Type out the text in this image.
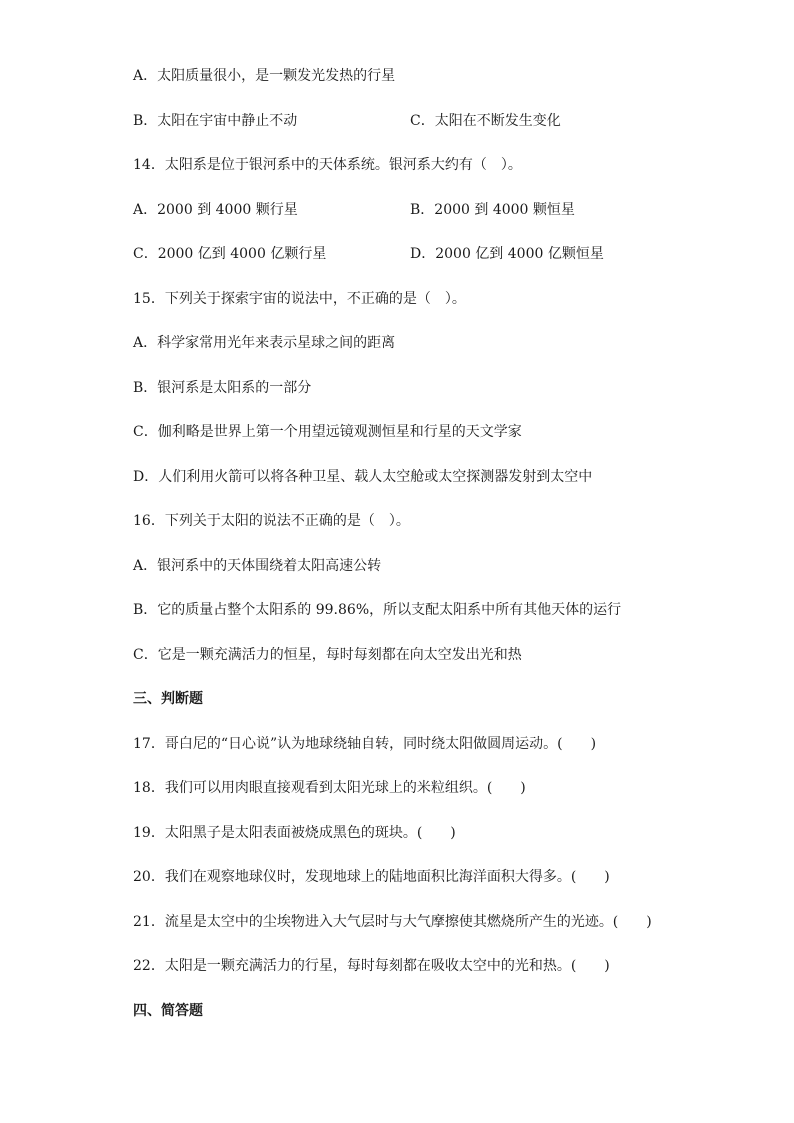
A．太阳质量很小，是一颗发光发热的行星
B．太阳在宇宙中静止不动	C．太阳在不断发生变化
14．太阳系是位于银河系中的天体系统。银河系大约有（　）。
A．2000 到 4000 颗行星	B．2000 到 4000 颗恒星
C．2000 亿到 4000 亿颗行星	D．2000 亿到 4000 亿颗恒星
15．下列关于探索宇宙的说法中，不正确的是（　）。
A．科学家常用光年来表示星球之间的距离
B．银河系是太阳系的一部分
C．伽利略是世界上第一个用望远镜观测恒星和行星的天文学家
D．人们利用火箭可以将各种卫星、载人太空舱或太空探测器发射到太空中
16．下列关于太阳的说法不正确的是（　）。
A．银河系中的天体围绕着太阳高速公转
B．它的质量占整个太阳系的 99.86%，所以支配太阳系中所有其他天体的运行
C．它是一颗充满活力的恒星，每时每刻都在向太空发出光和热
三、判断题
17．哥白尼的“日心说”认为地球绕轴自转，同时绕太阳做圆周运动。(　　)
18．我们可以用肉眼直接观看到太阳光球上的米粒组织。(　　)
19．太阳黑子是太阳表面被烧成黑色的斑块。(　　)
20．我们在观察地球仪时，发现地球上的陆地面积比海洋面积大得多。(　　)
21．流星是太空中的尘埃物进入大气层时与大气摩擦使其燃烧所产生的光迹。(　　)
22．太阳是一颗充满活力的行星，每时每刻都在吸收太空中的光和热。(　　)
四、简答题
